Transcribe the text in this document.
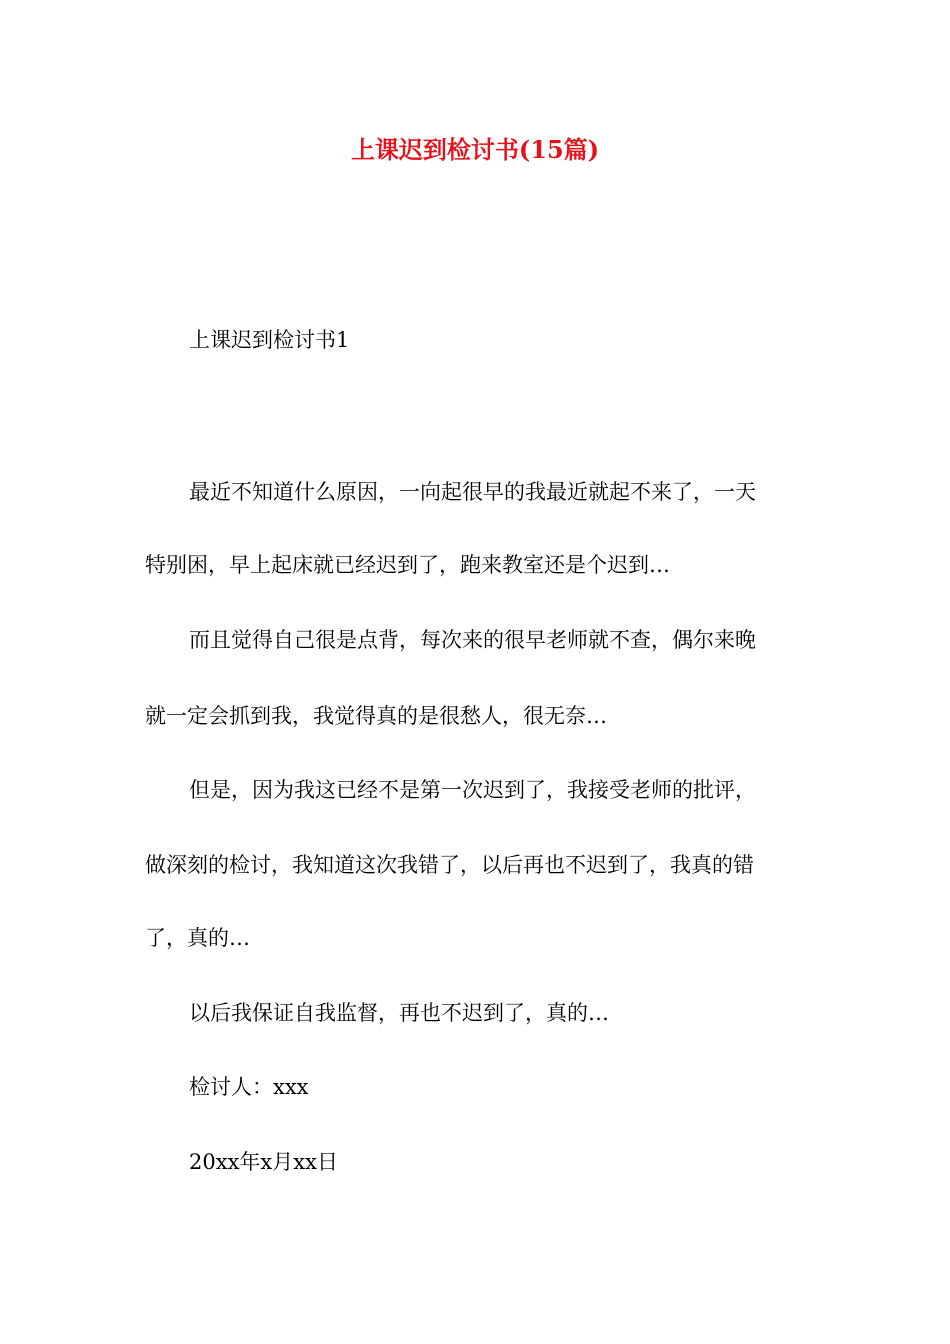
上课迟到检讨书(15篇)

上课迟到检讨书1

最近不知道什么原因，一向起很早的我最近就起不来了，一天

特别困，早上起床就已经迟到了，跑来教室还是个迟到…

而且觉得自己很是点背，每次来的很早老师就不查，偶尔来晚

就一定会抓到我，我觉得真的是很愁人，很无奈…

但是，因为我这已经不是第一次迟到了，我接受老师的批评，

做深刻的检讨，我知道这次我错了，以后再也不迟到了，我真的错

了，真的…

以后我保证自我监督，再也不迟到了，真的…

检讨人：xxx

20xx年x月xx日
